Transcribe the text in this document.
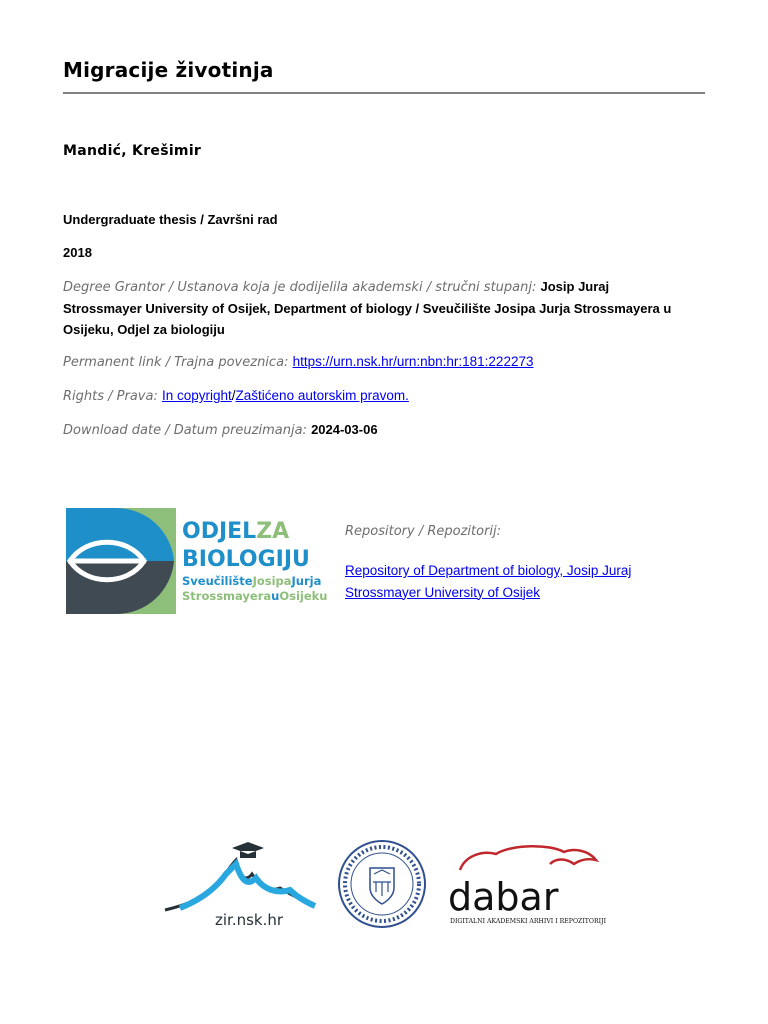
Migracije životinja
Mandić, Krešimir
Undergraduate thesis / Završni rad
2018
Degree Grantor / Ustanova koja je dodijelila akademski / stručni stupanj: Josip Juraj Strossmayer University of Osijek, Department of biology / Sveučilište Josipa Jurja Strossmayera u Osijeku, Odjel za biologiju
Permanent link / Trajna poveznica: https://urn.nsk.hr/urn:nbn:hr:181:222273
Rights / Prava: In copyright/Zaštićeno autorskim pravom.
Download date / Datum preuzimanja: 2024-03-06
ODJELZA
BIOLOGIJU
SveučilišteJosipaJurja
StrossmayerauOsijeku
Repository / Repozitorij:
Repository of Department of biology, Josip Juraj Strossmayer University of Osijek
zir.nsk.hr
dabar
DIGITALNI AKADEMSKI ARHIVI I REPOZITORIJI
